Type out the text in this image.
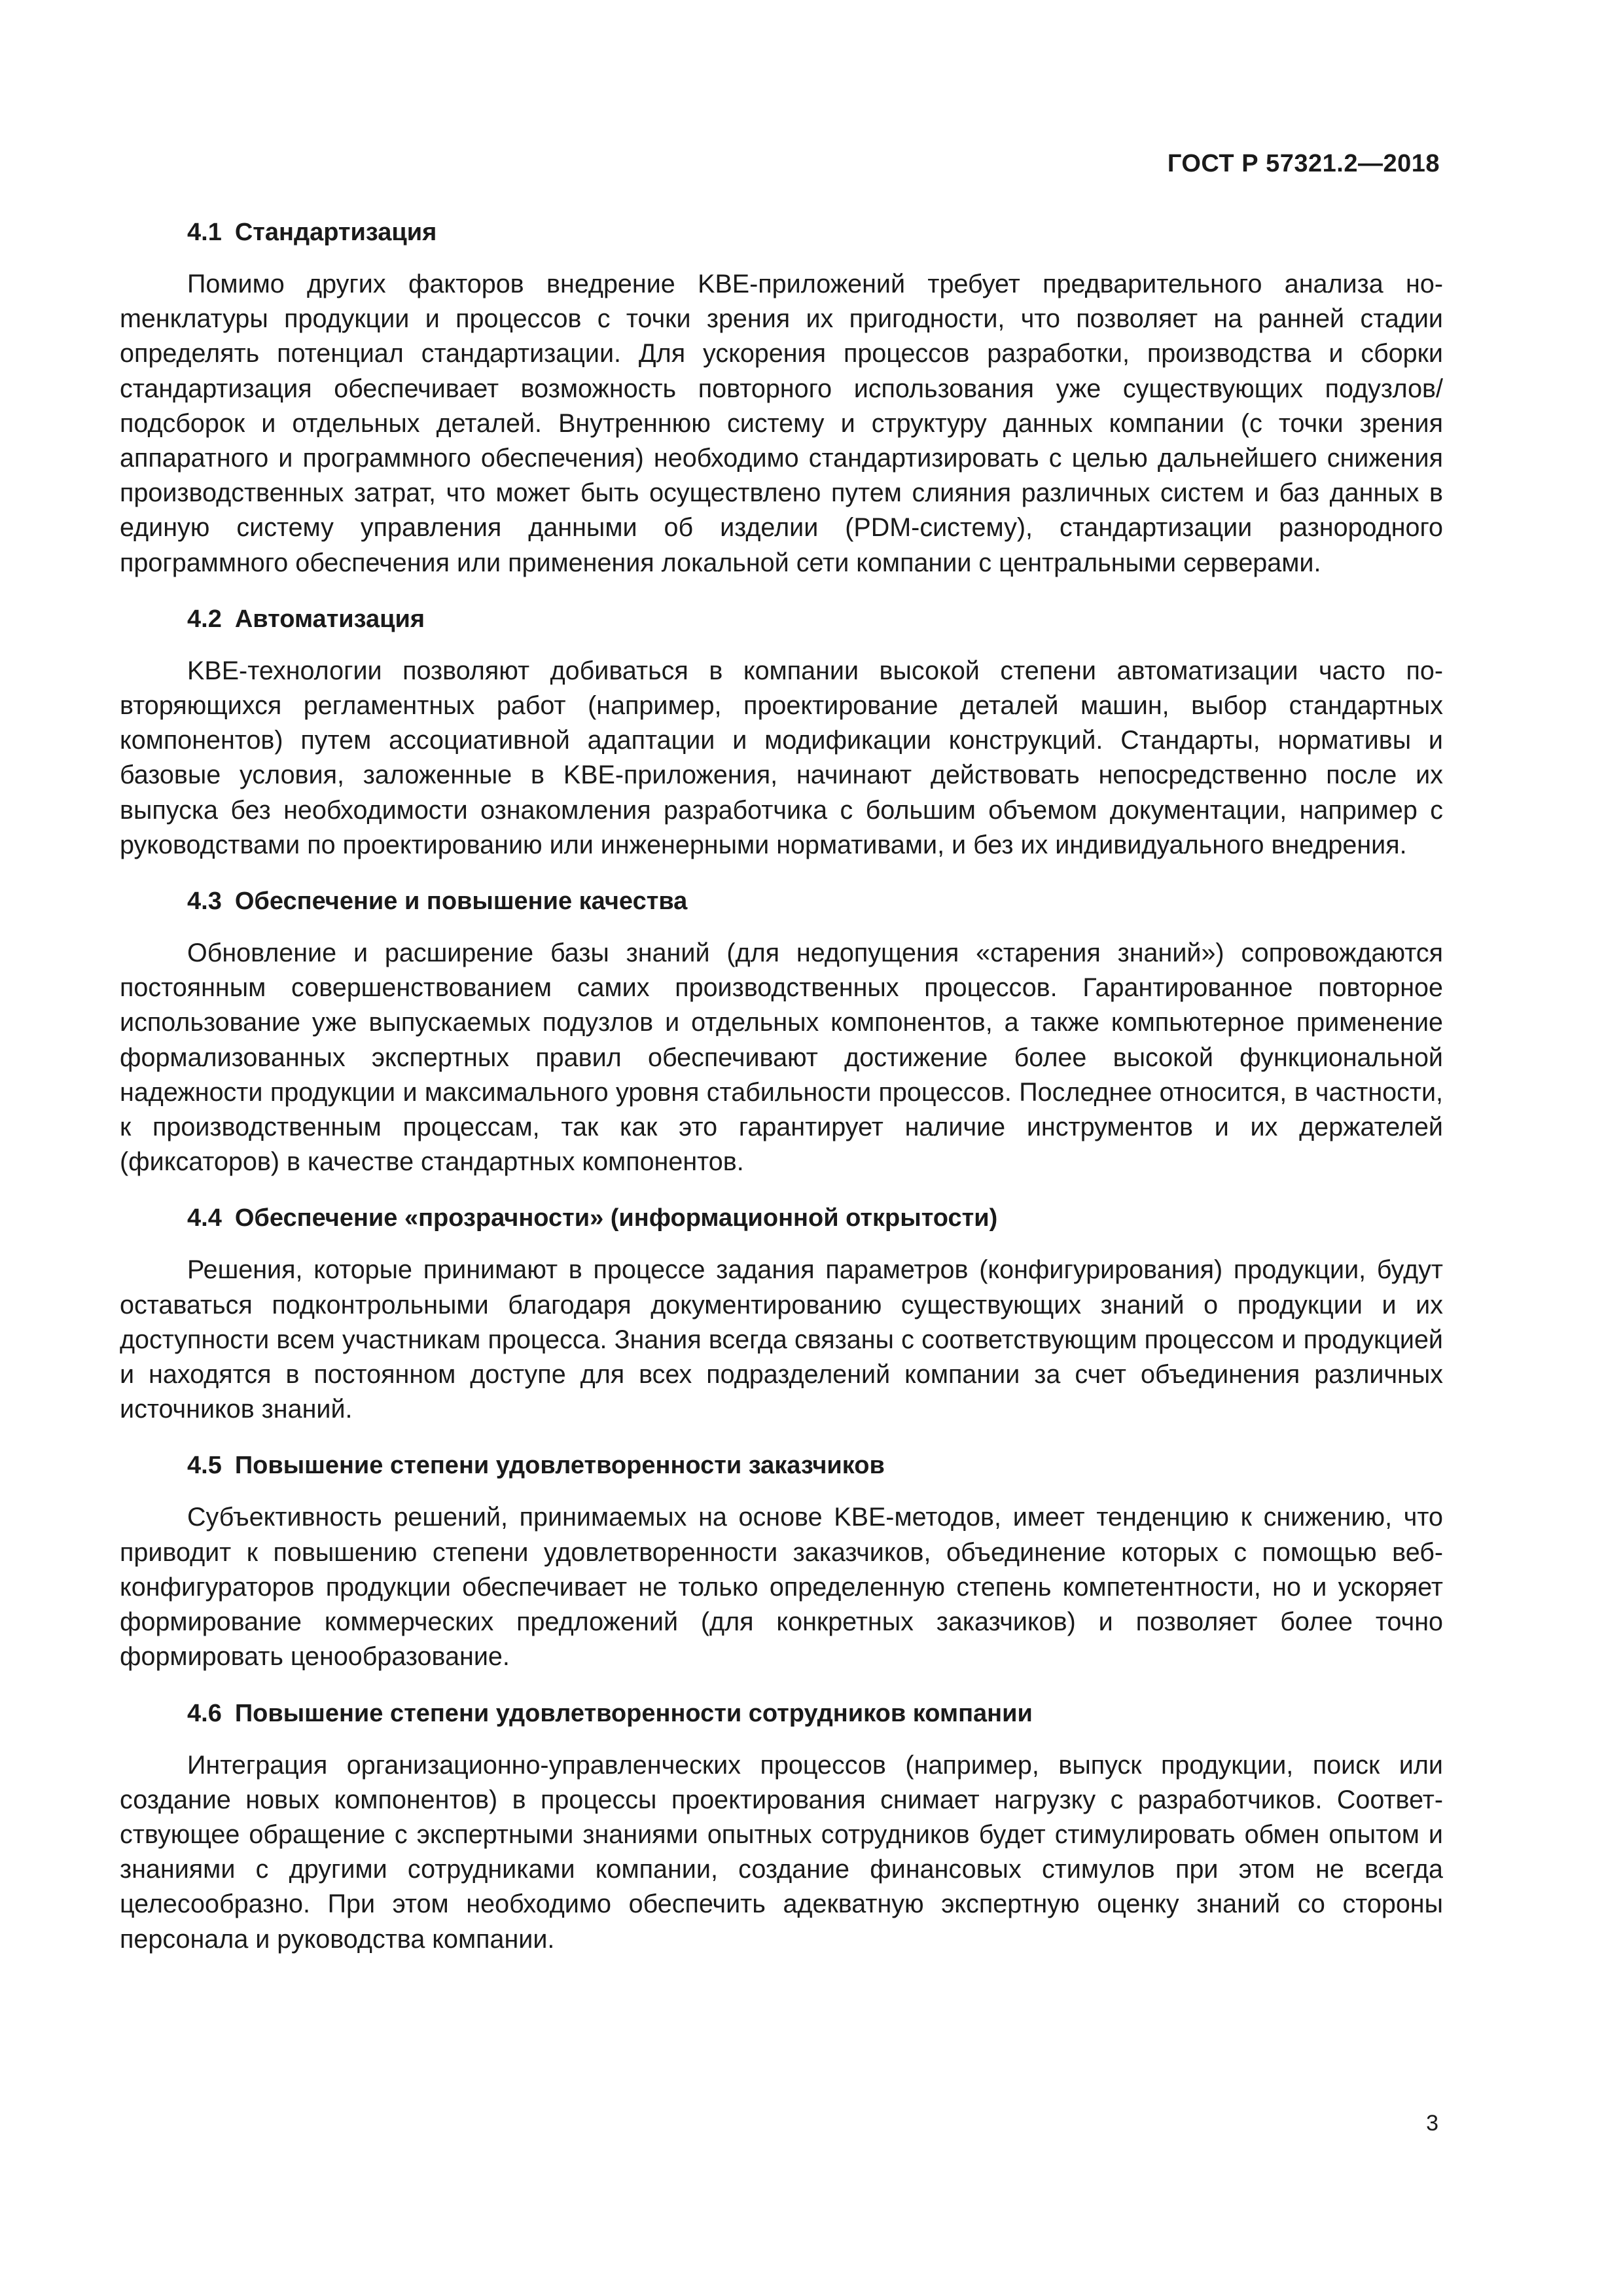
ГОСТ Р 57321.2—2018
4.1 Стандартизация

Помимо других факторов внедрение KBE-приложений требует предварительного анализа ноmенклатуры продукции и процессов с точки зрения их пригодности, что позволяет на ранней стадии определять потенциал стандартизации. Для ускорения процессов разработки, производства и сборки стандартизация обеспечивает возможность повторного использования уже существующих подузлов/​подсборок и отдельных деталей. Внутреннюю систему и структуру данных компании (с точки зрения аппаратного и программного обеспечения) необходимо стандартизировать с целью дальнейшего снижения производственных затрат, что может быть осуществлено путем слияния различных систем и баз данных в единую систему управления данными об изделии (PDM-систему), стандартизации разнородного программного обеспечения или применения локальной сети компании с центральными серверами.

4.2 Автоматизация

KBE-технологии позволяют добиваться в компании высокой степени автоматизации часто повторяющихся регламентных работ (например, проектирование деталей машин, выбор стандартных компонентов) путем ассоциативной адаптации и модификации конструкций. Стандарты, нормативы и базовые условия, заложенные в KBE-приложения, начинают действовать непосредственно после их выпуска без необходимости ознакомления разработчика с большим объемом документации, например с руководствами по проектированию или инженерными нормативами, и без их индивидуального внедрения.

4.3 Обеспечение и повышение качества

Обновление и расширение базы знаний (для недопущения «старения знаний») сопровождаются постоянным совершенствованием самих производственных процессов. Гарантированное повторное использование уже выпускаемых подузлов и отдельных компонентов, а также компьютерное применение формализованных экспертных правил обеспечивают достижение более высокой функциональной надежности продукции и максимального уровня стабильности процессов. Последнее относится, в частности, к производственным процессам, так как это гарантирует наличие инструментов и их держателей (фиксаторов) в качестве стандартных компонентов.

4.4 Обеспечение «прозрачности» (информационной открытости)

Решения, которые принимают в процессе задания параметров (конфигурирования) продукции, будут оставаться подконтрольными благодаря документированию существующих знаний о продукции и их доступности всем участникам процесса. Знания всегда связаны с соответствующим процессом и продукцией и находятся в постоянном доступе для всех подразделений компании за счет объединения различных источников знаний.

4.5 Повышение степени удовлетворенности заказчиков

Субъективность решений, принимаемых на основе KBE-методов, имеет тенденцию к снижению, что приводит к повышению степени удовлетворенности заказчиков, объединение которых с помощью веб-конфигураторов продукции обеспечивает не только определенную степень компетентности, но и ускоряет формирование коммерческих предложений (для конкретных заказчиков) и позволяет более точно формировать ценообразование.

4.6 Повышение степени удовлетворенности сотрудников компании

Интеграция организационно-управленческих процессов (например, выпуск продукции, поиск или создание новых компонентов) в процессы проектирования снимает нагрузку с разработчиков. Соответствующее обращение с экспертными знаниями опытных сотрудников будет стимулировать обмен опытом и знаниями с другими сотрудниками компании, создание финансовых стимулов при этом не всегда целесообразно. При этом необходимо обеспечить адекватную экспертную оценку знаний со стороны персонала и руководства компании.

3
